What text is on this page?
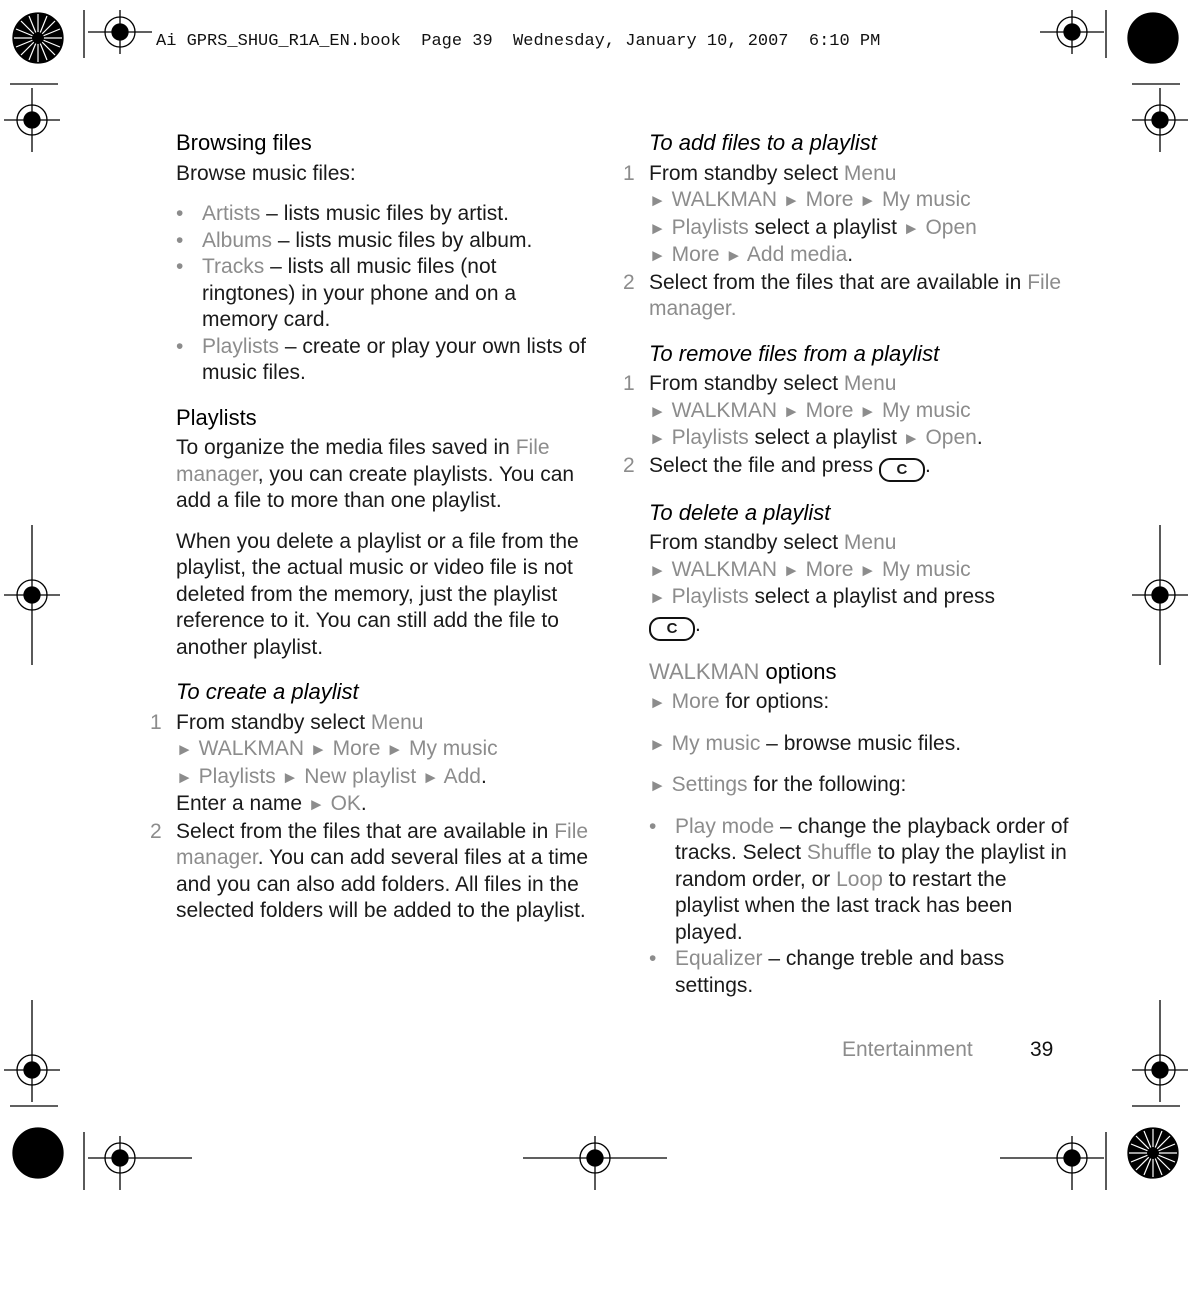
Ai GPRS_SHUG_R1A_EN.book  Page 39  Wednesday, January 10, 2007  6:10 PM
Browsing files
Browse music files:
• Artists – lists music files by artist.
• Albums – lists music files by album.
• Tracks – lists all music files (not ringtones) in your phone and on a memory card.
• Playlists – create or play your own lists of music files.
Playlists
To organize the media files saved in File manager, you can create playlists. You can add a file to more than one playlist.
When you delete a playlist or a file from the playlist, the actual music or video file is not deleted from the memory, just the playlist reference to it. You can still add the file to another playlist.
To create a playlist
1 From standby select Menu
► WALKMAN ► More ► My music
► Playlists ► New playlist ► Add.
Enter a name ► OK.
2 Select from the files that are available in File manager. You can add several files at a time and you can also add folders. All files in the selected folders will be added to the playlist.
To add files to a playlist
1 From standby select Menu
► WALKMAN ► More ► My music
► Playlists select a playlist ► Open
► More ► Add media.
2 Select from the files that are available in File manager.
To remove files from a playlist
1 From standby select Menu
► WALKMAN ► More ► My music
► Playlists select a playlist ► Open.
2 Select the file and press C .
To delete a playlist
From standby select Menu
► WALKMAN ► More ► My music
► Playlists select a playlist and press
C .
WALKMAN options
► More for options:
► My music – browse music files.
► Settings for the following:
• Play mode – change the playback order of tracks. Select Shuffle to play the playlist in random order, or Loop to restart the playlist when the last track has been played.
• Equalizer – change treble and bass settings.
Entertainment	39
